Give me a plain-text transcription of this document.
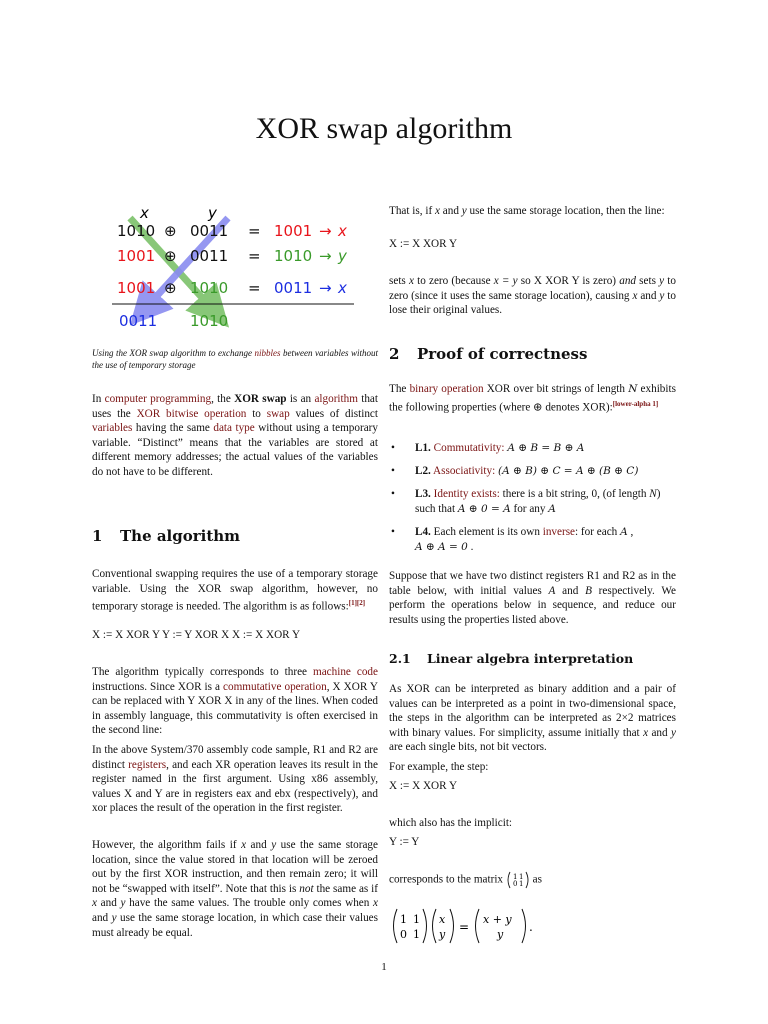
XOR swap algorithm
x	y
1010 ⊕ 0011 = 1001 → x
1001 ⊕ 0011 = 1010 → y
1001 ⊕ 1010 = 0011 → x
0011 1010
Using the XOR swap algorithm to exchange nibbles between variables without the use of temporary storage

In computer programming, the XOR swap is an algorithm that uses the XOR bitwise operation to swap values of distinct variables having the same data type without using a temporary variable. “Distinct” means that the variables are stored at different memory addresses; the actual values of the variables do not have to be different.

1 The algorithm

Conventional swapping requires the use of a temporary storage variable. Using the XOR swap algorithm, however, no temporary storage is needed. The algorithm is as follows:[1][2]

X := X XOR Y Y := Y XOR X X := X XOR Y

The algorithm typically corresponds to three machine code instructions. Since XOR is a commutative operation, X XOR Y can be replaced with Y XOR X in any of the lines. When coded in assembly language, this commutativity is often exercised in the second line:

In the above System/370 assembly code sample, R1 and R2 are distinct registers, and each XR operation leaves its result in the register named in the first argument. Using x86 assembly, values X and Y are in registers eax and ebx (respectively), and xor places the result of the operation in the first register.

However, the algorithm fails if x and y use the same storage location, since the value stored in that location will be zeroed out by the first XOR instruction, and then remain zero; it will not be “swapped with itself”. Note that this is not the same as if x and y have the same values. The trouble only comes when x and y use the same storage location, in which case their values must already be equal.

That is, if x and y use the same storage location, then the line:

X := X XOR Y

sets x to zero (because x = y so X XOR Y is zero) and sets y to zero (since it uses the same storage location), causing x and y to lose their original values.

2 Proof of correctness

The binary operation XOR over bit strings of length N exhibits the following properties (where ⊕ denotes XOR):[lower-alpha 1]

• L1. Commutativity: A ⊕ B = B ⊕ A
• L2. Associativity: (A ⊕ B) ⊕ C = A ⊕ (B ⊕ C)
• L3. Identity exists: there is a bit string, 0, (of length N) such that A ⊕ 0 = A for any A
• L4. Each element is its own inverse: for each A ,
A ⊕ A = 0 .

Suppose that we have two distinct registers R1 and R2 as in the table below, with initial values A and B respectively. We perform the operations below in sequence, and reduce our results using the properties listed above.

2.1 Linear algebra interpretation

As XOR can be interpreted as binary addition and a pair of values can be interpreted as a point in two-dimensional space, the steps in the algorithm can be interpreted as 2×2 matrices with binary values. For simplicity, assume initially that x and y are each single bits, not bit vectors.

For example, the step:

X := X XOR Y

which also has the implicit:

Y := Y
corresponds to the matrix 1 1
0 1 as
1 1
0 1
x
y
=
x + y
y
.
1
